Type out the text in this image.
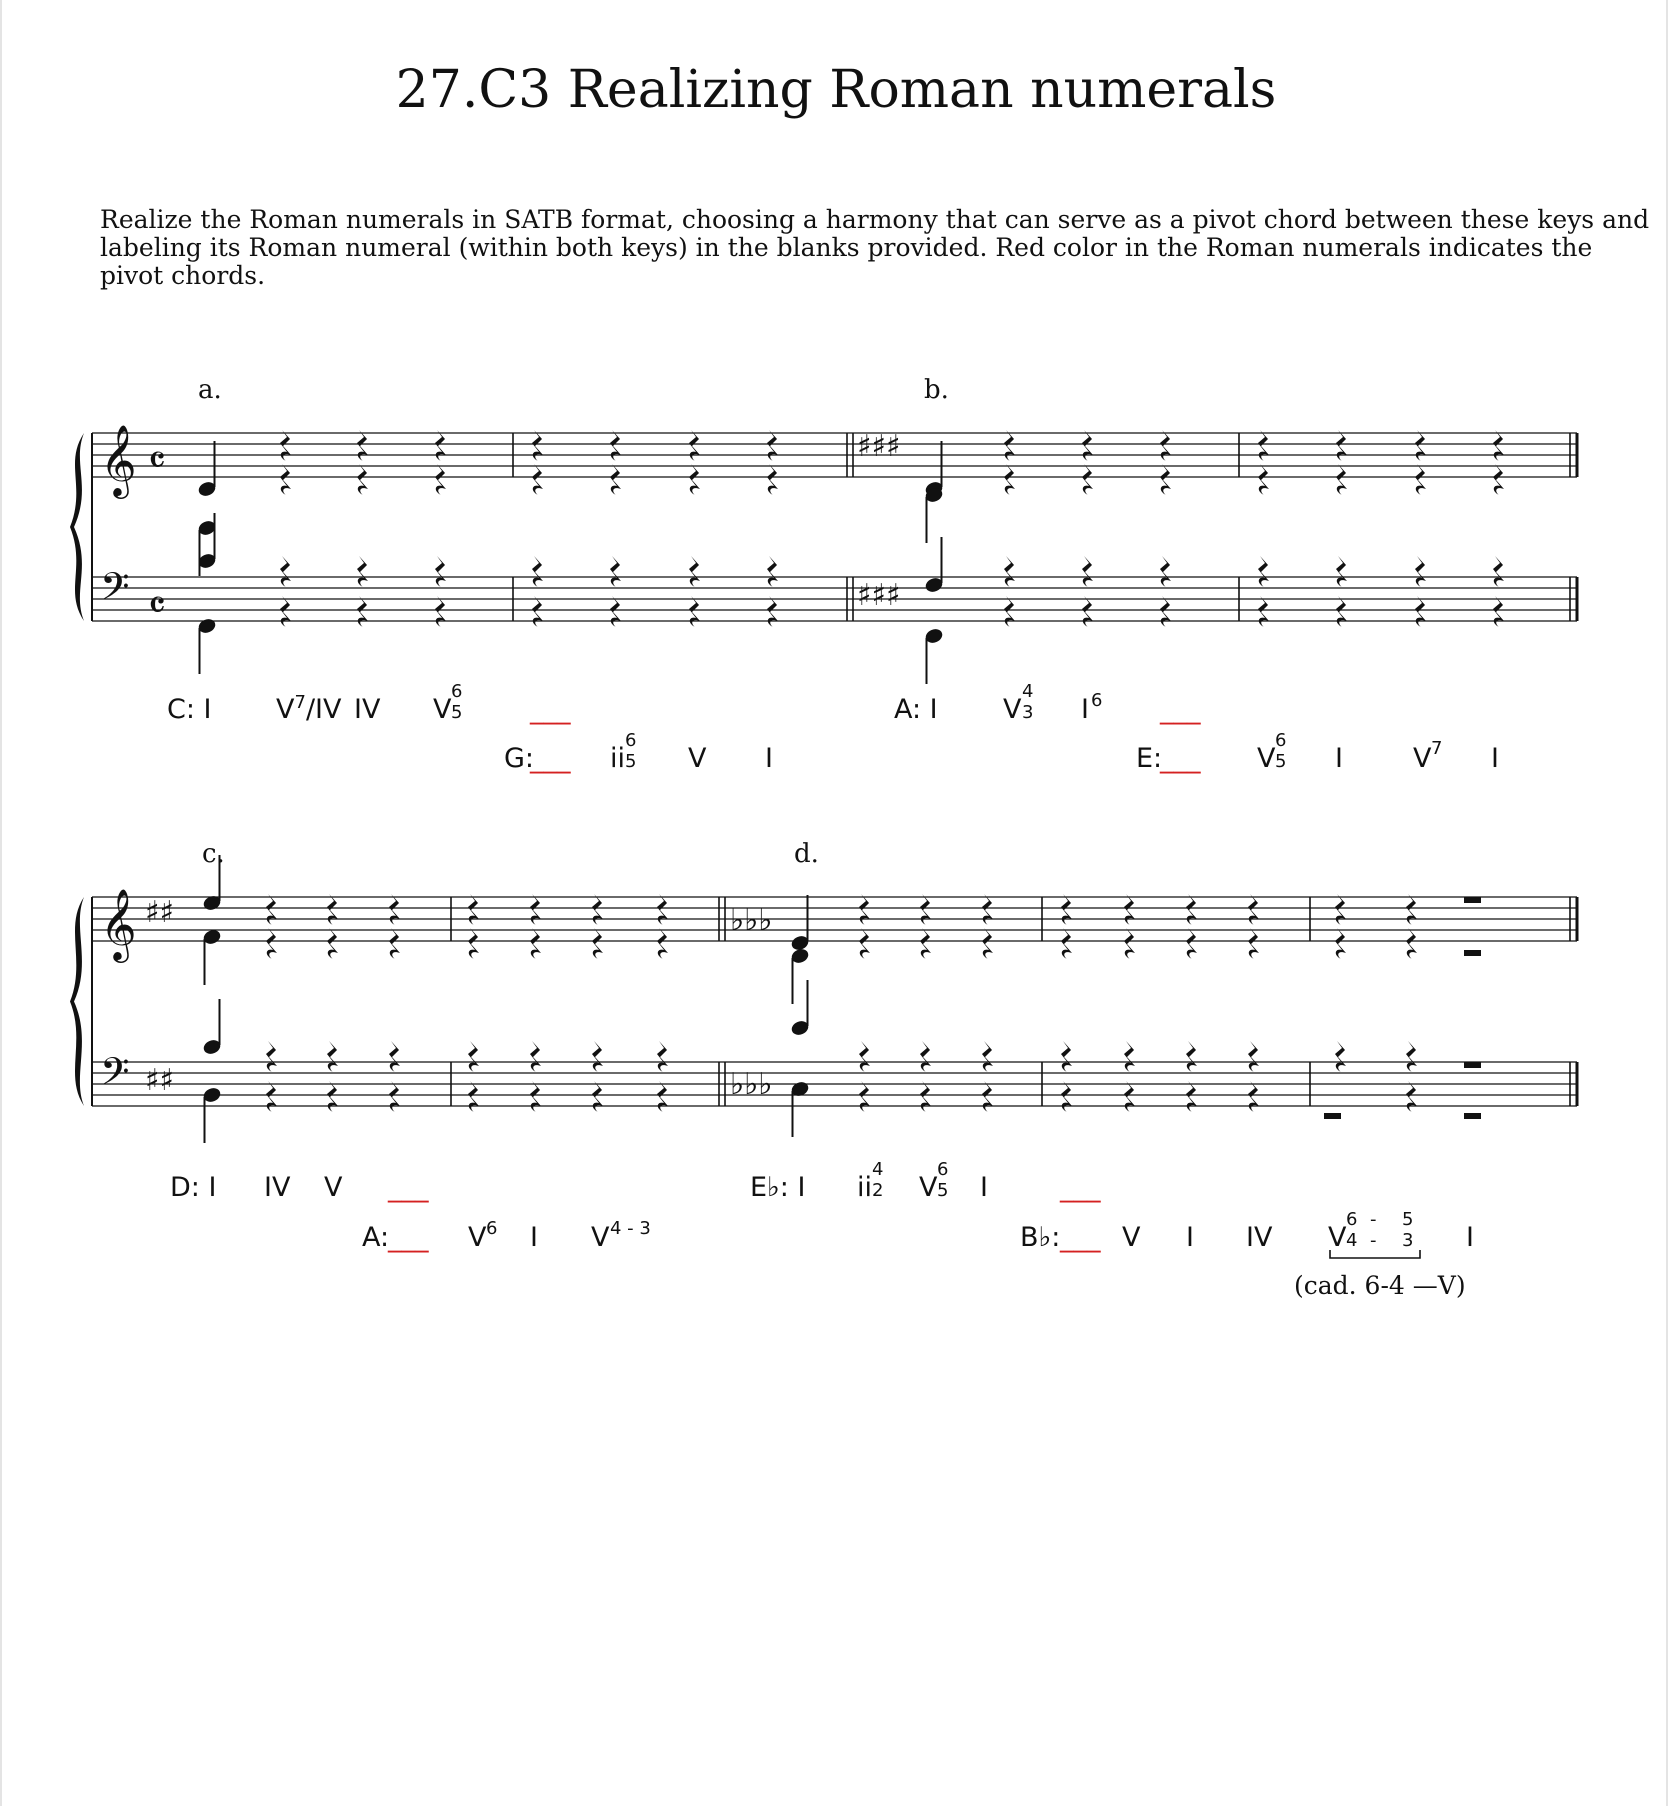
27.C3 Realizing Roman numerals
Realize the Roman numerals in SATB format, choosing a harmony that can serve as a pivot chord between these keys and
labeling its Roman numeral (within both keys) in the blanks provided. Red color in the Roman numerals indicates the
pivot chords.
𝄞
𝄢
𝄴
𝄴
♯♯♯
♯♯♯
𝄞
𝄢
♯♯
♯♯
♭♭♭
♭♭♭
a.	b.
c.	d.
C: I $V^7/IV$ IV V
6
5	___
G:
___ ii
6
5 V I
A: I V
4
3 I 6 ___
E:
___ V
6
5 I	V 7 I
D: I IV V ___
A:
___ V 6 I V 4 - 3
E♭: I ii
4
2 V
6
5 I	___
B♭: ___ V I IV V
6
4
-
-
5
3 I
(cad. 6-4 —V)
